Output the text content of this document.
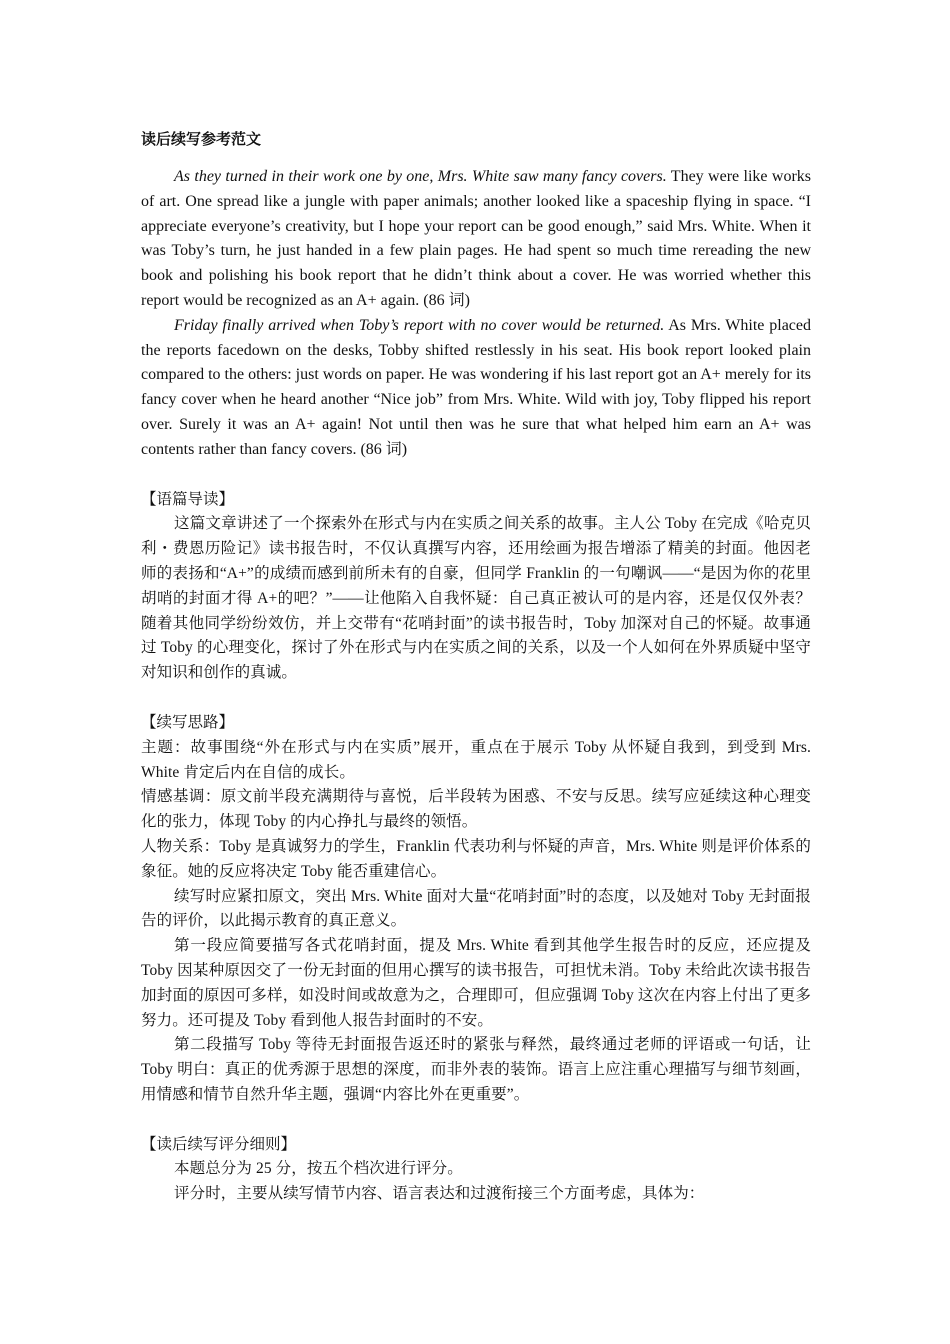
读后续写参考范文

As they turned in their work one by one, Mrs. White saw many fancy covers. They were like works of art. One spread like a jungle with paper animals; another looked like a spaceship flying in space. “I appreciate everyone’s creativity, but I hope your report can be good enough,” said Mrs. White. When it was Toby’s turn, he just handed in a few plain pages. He had spent so much time rereading the new book and polishing his book report that he didn’t think about a cover. He was worried whether this report would be recognized as an A+ again. (86 词)

Friday finally arrived when Toby’s report with no cover would be returned. As Mrs. White placed the reports facedown on the desks, Tobby shifted restlessly in his seat. His book report looked plain compared to the others: just words on paper. He was wondering if his last report got an A+ merely for its fancy cover when he heard another “Nice job” from Mrs. White. Wild with joy, Toby flipped his report over. Surely it was an A+ again! Not until then was he sure that what helped him earn an A+ was contents rather than fancy covers. (86 词)

【语篇导读】

这篇文章讲述了一个探索外在形式与内在实质之间关系的故事。主人公 Toby 在完成《哈克贝利・费恩历险记》读书报告时，不仅认真撰写内容，还用绘画为报告增添了精美的封面。他因老师的表扬和“A+”的成绩而感到前所未有的自豪，但同学 Franklin 的一句嘲讽——“是因为你的花里胡哨的封面才得 A+的吧？”——让他陷入自我怀疑：自己真正被认可的是内容，还是仅仅外表？随着其他同学纷纷效仿，并上交带有“花哨封面”的读书报告时，Toby 加深对自己的怀疑。故事通过 Toby 的心理变化，探讨了外在形式与内在实质之间的关系，以及一个人如何在外界质疑中坚守对知识和创作的真诚。

【续写思路】

主题：故事围绕“外在形式与内在实质”展开，重点在于展示 Toby 从怀疑自我到，到受到 Mrs. White 肯定后内在自信的成长。

情感基调：原文前半段充满期待与喜悦，后半段转为困惑、不安与反思。续写应延续这种心理变化的张力，体现 Toby 的内心挣扎与最终的领悟。

人物关系：Toby 是真诚努力的学生，Franklin 代表功利与怀疑的声音，Mrs. White 则是评价体系的象征。她的反应将决定 Toby 能否重建信心。

续写时应紧扣原文，突出 Mrs. White 面对大量“花哨封面”时的态度，以及她对 Toby 无封面报告的评价，以此揭示教育的真正意义。

第一段应简要描写各式花哨封面，提及 Mrs. White 看到其他学生报告时的反应，还应提及 Toby 因某种原因交了一份无封面的但用心撰写的读书报告，可担忧未消。Toby 未给此次读书报告加封面的原因可多样，如没时间或故意为之，合理即可，但应强调 Toby 这次在内容上付出了更多努力。还可提及 Toby 看到他人报告封面时的不安。

第二段描写 Toby 等待无封面报告返还时的紧张与释然，最终通过老师的评语或一句话，让 Toby 明白：真正的优秀源于思想的深度，而非外表的装饰。语言上应注重心理描写与细节刻画，用情感和情节自然升华主题，强调“内容比外在更重要”。

【读后续写评分细则】

本题总分为 25 分，按五个档次进行评分。

评分时，主要从续写情节内容、语言表达和过渡衔接三个方面考虑，具体为：
